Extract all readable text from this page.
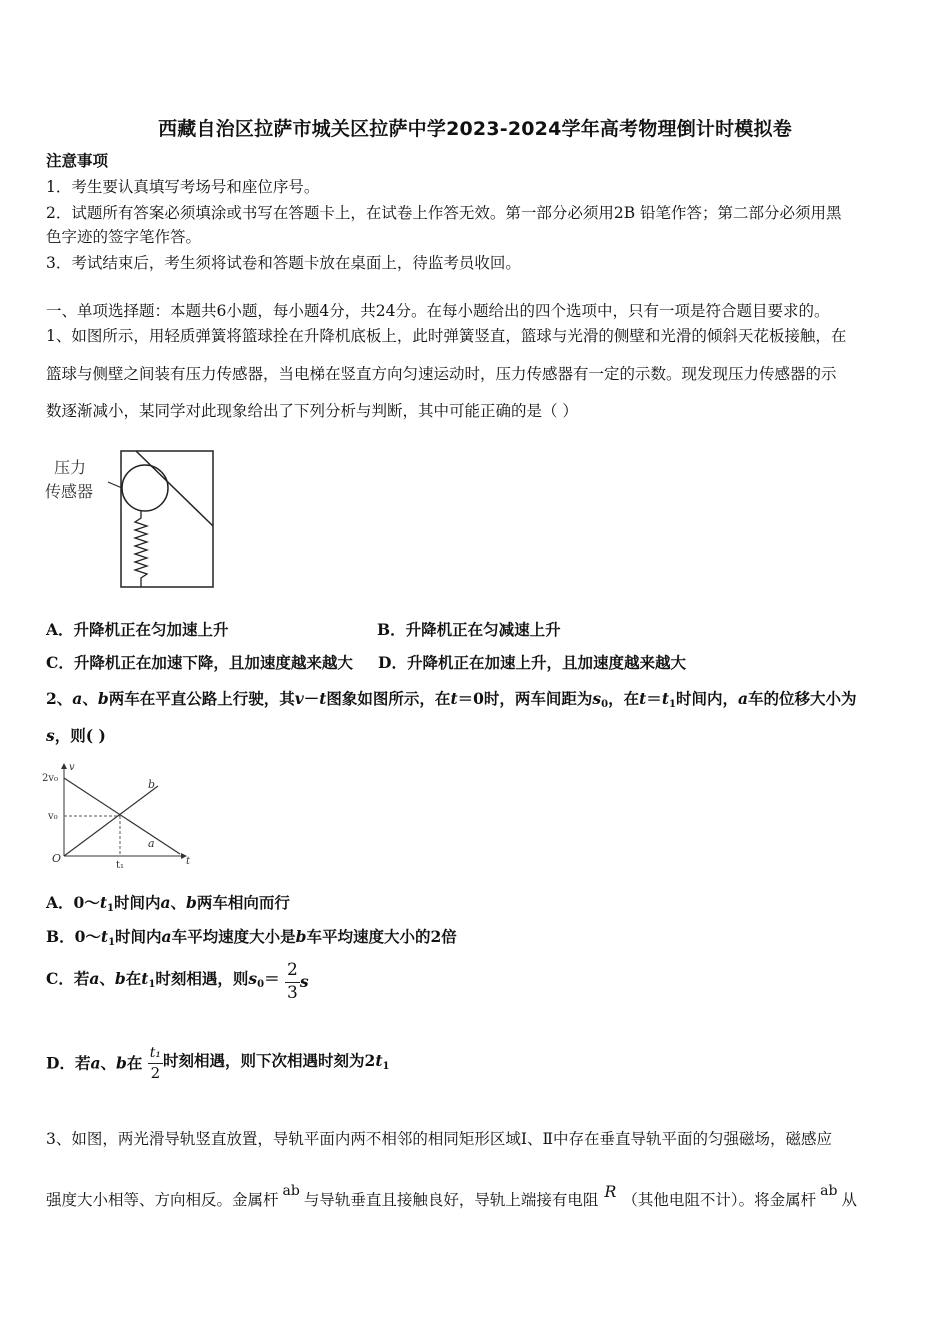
西藏自治区拉萨市城关区拉萨中学2023-2024学年高考物理倒计时模拟卷
注意事项
1．考生要认真填写考场号和座位序号。
2．试题所有答案必须填涂或书写在答题卡上，在试卷上作答无效。第一部分必须用2B 铅笔作答；第二部分必须用黑
色字迹的签字笔作答。
3．考试结束后，考生须将试卷和答题卡放在桌面上，待监考员收回。
一、单项选择题：本题共6小题，每小题4分，共24分。在每小题给出的四个选项中，只有一项是符合题目要求的。
1、如图所示，用轻质弹簧将篮球拴在升降机底板上，此时弹簧竖直，篮球与光滑的侧壁和光滑的倾斜天花板接触，在
篮球与侧壁之间装有压力传感器，当电梯在竖直方向匀速运动时，压力传感器有一定的示数。现发现压力传感器的示
数逐渐减小，某同学对此现象给出了下列分析与判断，其中可能正确的是（ ）
压力
传感器
A．升降机正在匀加速上升	B．升降机正在匀减速上升
C．升降机正在加速下降，且加速度越来越大 D．升降机正在加速上升，且加速度越来越大
2、a、b两车在平直公路上行驶，其v－t图象如图所示，在t＝0时，两车间距为$s_0$，在$t=t_1$时间内，a车的位移大小为
s，则( )
v
t
2v₀
v₀
t₁
O
a
b
A．$0\sim t_1$时间内a、b两车相向而行
B．$0\sim t_1$时间内a车平均速度大小是b车平均速度大小的2倍
C．若a、b在$t_1$时刻相遇，则$s_0= \frac{2}{3}$ s
D．若a、b在 $\frac{\text{t₁}}{2}$ 时刻相遇，则下次相遇时刻为$2t_1$
3、如图，两光滑导轨竖直放置，导轨平面内两不相邻的相同矩形区域Ⅰ、Ⅱ中存在垂直导轨平面的匀强磁场，磁感应
强度大小相等、方向相反。金属杆 ab 与导轨垂直且接触良好，导轨上端接有电阻 R （其他电阻不计）。将金属杆 ab 从
